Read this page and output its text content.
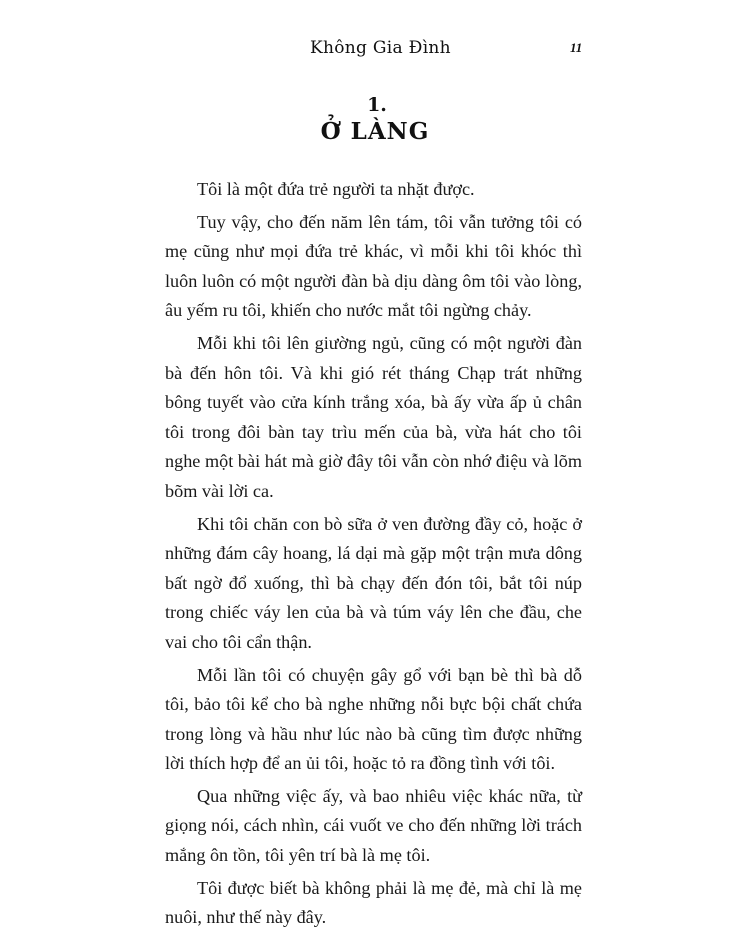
Không Gia Đình	11
1.
Ở LÀNG

Tôi là một đứa trẻ người ta nhặt được.

Tuy vậy, cho đến năm lên tám, tôi vẫn tưởng tôi có mẹ cũng như mọi đứa trẻ khác, vì mỗi khi tôi khóc thì luôn luôn có một người đàn bà dịu dàng ôm tôi vào lòng, âu yếm ru tôi, khiến cho nước mắt tôi ngừng chảy.

Mỗi khi tôi lên giường ngủ, cũng có một người đàn bà đến hôn tôi. Và khi gió rét tháng Chạp trát những bông tuyết vào cửa kính trắng xóa, bà ấy vừa ấp ủ chân tôi trong đôi bàn tay trìu mến của bà, vừa hát cho tôi nghe một bài hát mà giờ đây tôi vẫn còn nhớ điệu và lõm bõm vài lời ca.

Khi tôi chăn con bò sữa ở ven đường đầy cỏ, hoặc ở những đám cây hoang, lá dại mà gặp một trận mưa dông bất ngờ đổ xuống, thì bà chạy đến đón tôi, bắt tôi núp trong chiếc váy len của bà và túm váy lên che đầu, che vai cho tôi cẩn thận.

Mỗi lần tôi có chuyện gây gổ với bạn bè thì bà dỗ tôi, bảo tôi kể cho bà nghe những nỗi bực bội chất chứa trong lòng và hầu như lúc nào bà cũng tìm được những lời thích hợp để an ủi tôi, hoặc tỏ ra đồng tình với tôi.

Qua những việc ấy, và bao nhiêu việc khác nữa, từ giọng nói, cách nhìn, cái vuốt ve cho đến những lời trách mắng ôn tồn, tôi yên trí bà là mẹ tôi.

Tôi được biết bà không phải là mẹ đẻ, mà chỉ là mẹ nuôi, như thế này đây.
